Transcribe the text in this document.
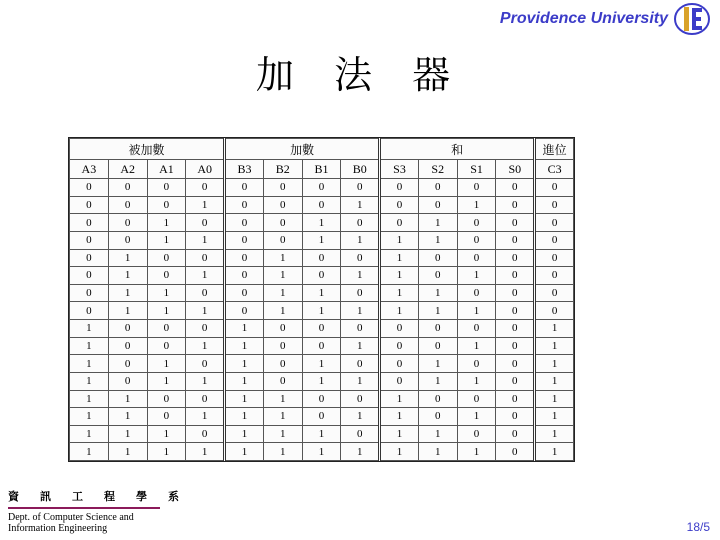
Providence University
加 法 器
被加數				加數				和				進位
A3	A2	A1	A0	B3	B2	B1	B0	S3	S2	S1	S0	C3
0	0	0	0	0	0	0	0	0	0	0	0	0
0	0	0	1	0	0	0	1	0	0	1	0	0
0	0	1	0	0	0	1	0	0	1	0	0	0
0	0	1	1	0	0	1	1	1	1	0	0	0
0	1	0	0	0	1	0	0	1	0	0	0	0
0	1	0	1	0	1	0	1	1	0	1	0	0
0	1	1	0	0	1	1	0	1	1	0	0	0
0	1	1	1	0	1	1	1	1	1	1	0	0
1	0	0	0	1	0	0	0	0	0	0	0	1
1	0	0	1	1	0	0	1	0	0	1	0	1
1	0	1	0	1	0	1	0	0	1	0	0	1
1	0	1	1	1	0	1	1	0	1	1	0	1
1	1	0	0	1	1	0	0	1	0	0	0	1
1	1	0	1	1	1	0	1	1	0	1	0	1
1	1	1	0	1	1	1	0	1	1	0	0	1
1	1	1	1	1	1	1	1	1	1	1	0	1
資 訊 工 程 學 系
Dept. of Computer Science and
Information Engineering	18/5
